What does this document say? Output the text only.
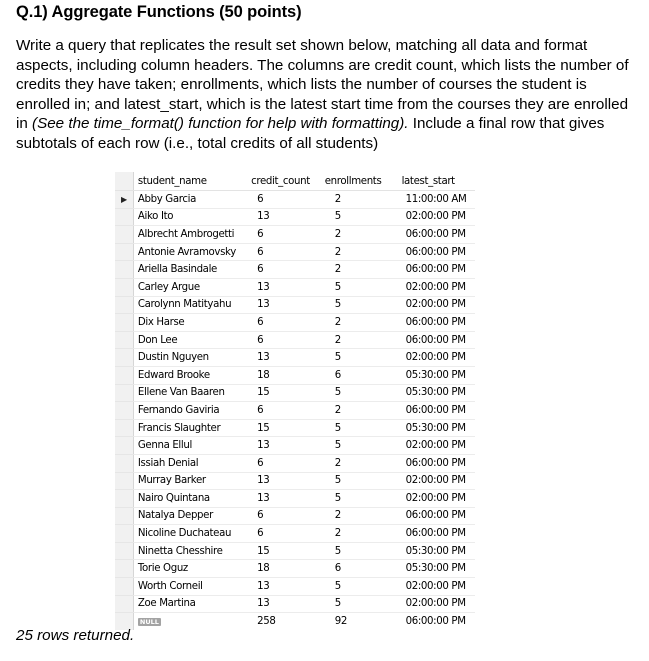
Q.1) Aggregate Functions (50 points)
Write a query that replicates the result set shown below, matching all data and format aspects, including column headers. The columns are credit count, which lists the number of credits they have taken; enrollments, which lists the number of courses the student is enrolled in; and latest_start, which is the latest start time from the courses they are enrolled in (See the time_format() function for help with formatting). Include a final row that gives subtotals of each row (i.e., total credits of all students)
	student_name	credit_count	enrollments	latest_start
▶	Abby Garcia	6	2	11:00:00 AM
	Aiko Ito	13	5	02:00:00 PM
	Albrecht Ambrogetti	6	2	06:00:00 PM
	Antonie Avramovsky	6	2	06:00:00 PM
	Ariella Basindale	6	2	06:00:00 PM
	Carley Argue	13	5	02:00:00 PM
	Carolynn Matityahu	13	5	02:00:00 PM
	Dix Harse	6	2	06:00:00 PM
	Don Lee	6	2	06:00:00 PM
	Dustin Nguyen	13	5	02:00:00 PM
	Edward Brooke	18	6	05:30:00 PM
	Ellene Van Baaren	15	5	05:30:00 PM
	Fernando Gaviria	6	2	06:00:00 PM
	Francis Slaughter	15	5	05:30:00 PM
	Genna Ellul	13	5	02:00:00 PM
	Issiah Denial	6	2	06:00:00 PM
	Murray Barker	13	5	02:00:00 PM
	Nairo Quintana	13	5	02:00:00 PM
	Natalya Depper	6	2	06:00:00 PM
	Nicoline Duchateau	6	2	06:00:00 PM
	Ninetta Chesshire	15	5	05:30:00 PM
	Torie Oguz	18	6	05:30:00 PM
	Worth Corneil	13	5	02:00:00 PM
	Zoe Martina	13	5	02:00:00 PM
	NULL	258	92	06:00:00 PM
25 rows returned.
